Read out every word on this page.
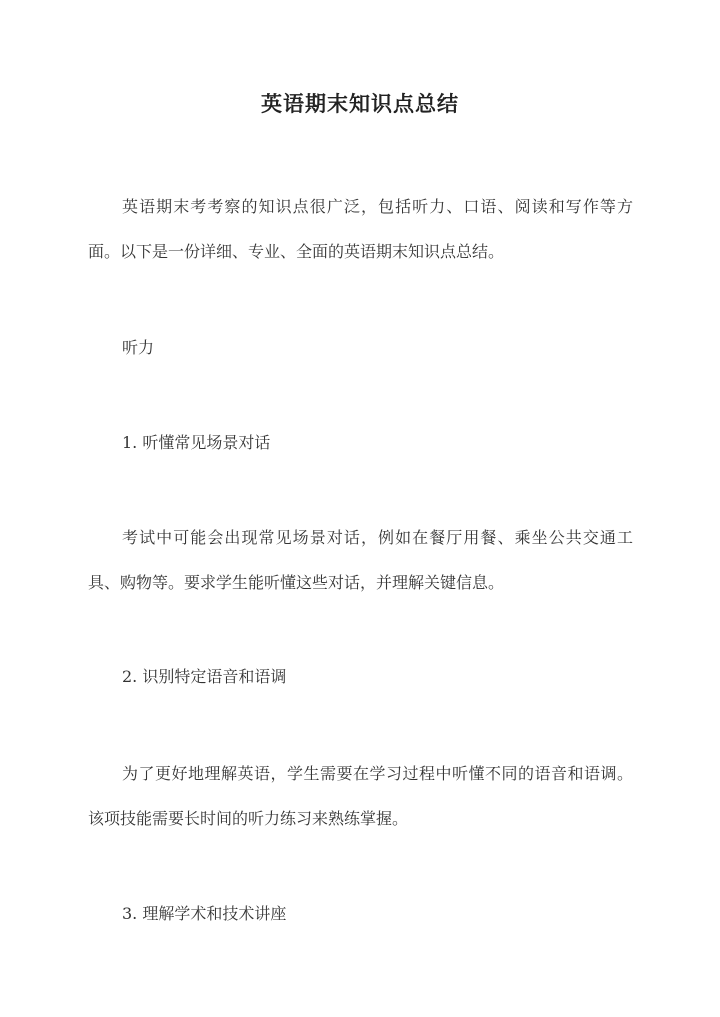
英语期末知识点总结

英语期末考考察的知识点很广泛，包括听力、口语、阅读和写作等方面。以下是一份详细、专业、全面的英语期末知识点总结。

听力

1. 听懂常见场景对话

考试中可能会出现常见场景对话，例如在餐厅用餐、乘坐公共交通工具、购物等。要求学生能听懂这些对话，并理解关键信息。

2. 识别特定语音和语调

为了更好地理解英语，学生需要在学习过程中听懂不同的语音和语调。该项技能需要长时间的听力练习来熟练掌握。

3. 理解学术和技术讲座
